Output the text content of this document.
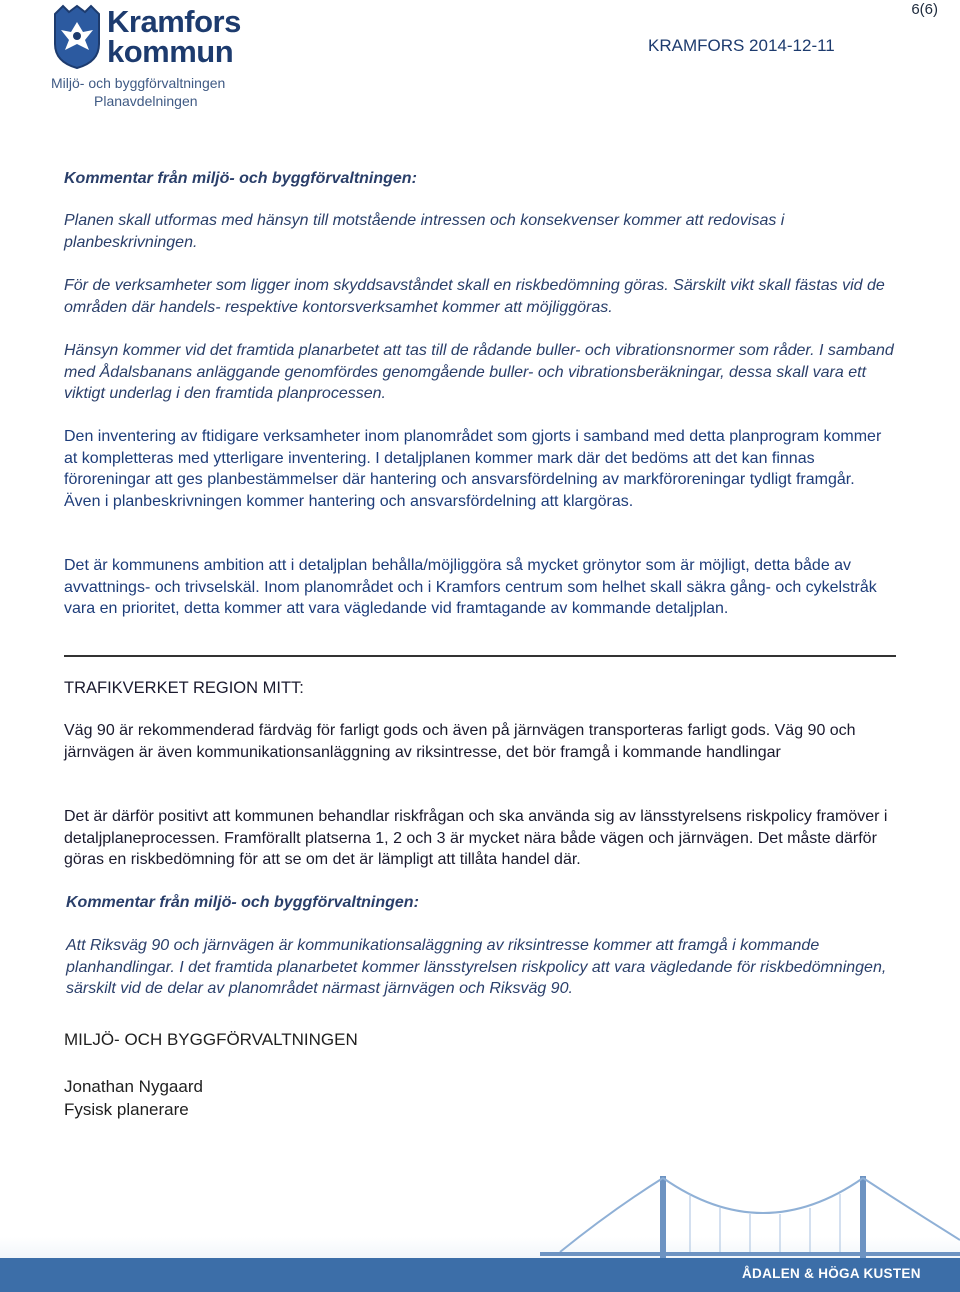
Kramfors
kommun
Miljö- och byggförvaltningen
Planavdelningen
6(6)
KRAMFORS 2014-12-11
Kommentar från miljö- och byggförvaltningen:
Planen skall utformas med hänsyn till motstående intressen och konsekvenser kommer att redovisas i planbeskrivningen.
För de verksamheter som ligger inom skyddsavståndet skall en riskbedömning göras. Särskilt vikt skall fästas vid de områden där handels- respektive kontorsverksamhet kommer att möjliggöras.
Hänsyn kommer vid det framtida planarbetet att tas till de rådande buller- och vibrationsnormer som råder. I samband med Ådalsbanans anläggande genomfördes genomgående buller- och vibrationsberäkningar, dessa skall vara ett viktigt underlag i den framtida planprocessen.
Den inventering av ftidigare verksamheter inom planområdet som gjorts i samband med detta planprogram kommer at kompletteras med ytterligare inventering. I detaljplanen kommer mark där det bedöms att det kan finnas föroreningar att ges planbestämmelser där hantering och ansvarsfördelning av markföroreningar tydligt framgår. Även i planbeskrivningen kommer hantering och ansvarsfördelning att klargöras.
Det är kommunens ambition att i detaljplan behålla/möjliggöra så mycket grönytor som är möjligt, detta både av avvattnings- och trivselskäl. Inom planområdet och i Kramfors centrum som helhet skall säkra gång- och cykelstråk vara en prioritet, detta kommer att vara vägledande vid framtagande av kommande detaljplan.
TRAFIKVERKET REGION MITT:
Väg 90 är rekommenderad färdväg för farligt gods och även på järnvägen transporteras farligt gods. Väg 90 och järnvägen är även kommunikationsanläggning av riksintresse, det bör framgå i kommande handlingar
Det är därför positivt att kommunen behandlar riskfrågan och ska använda sig av länsstyrelsens riskpolicy framöver i detaljplaneprocessen. Framförallt platserna 1, 2 och 3 är mycket nära både vägen och järnvägen. Det måste därför göras en riskbedömning för att se om det är lämpligt att tillåta handel där.
Kommentar från miljö- och byggförvaltningen:
Att Riksväg 90 och järnvägen är kommunikationsaläggning av riksintresse kommer att framgå i kommande planhandlingar. I det framtida planarbetet kommer länsstyrelsen riskpolicy att vara vägledande för riskbedömningen, särskilt vid de delar av planområdet närmast järnvägen och Riksväg 90.
MILJÖ- OCH BYGGFÖRVALTNINGEN
Jonathan Nygaard
Fysisk planerare
ÅDALEN & HÖGA KUSTEN
